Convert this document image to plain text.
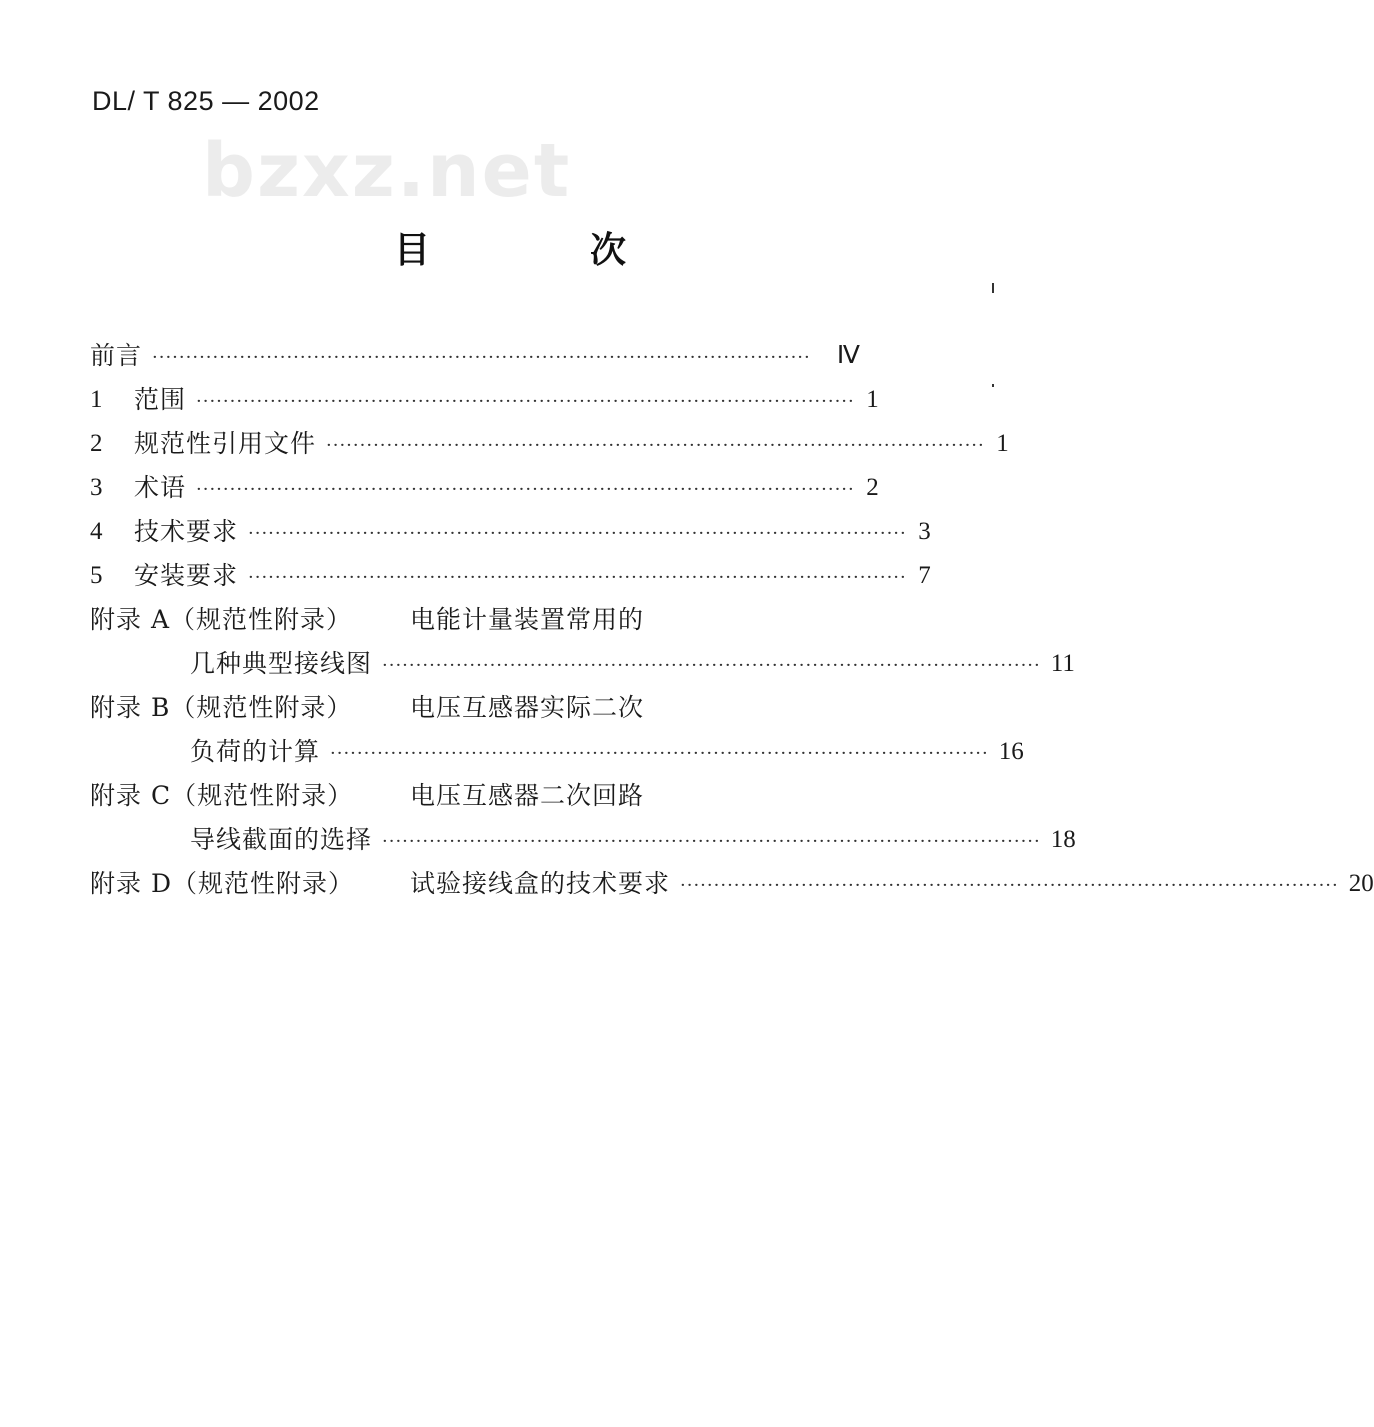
DL/ T 825 — 2002
bzxz.net
目　次
前言 ··································································································	Ⅳ
1	范围 ·································································································· 1
2	规范性引用文件 ·································································································· 1
3	术语 ·································································································· 2
4	技术要求 ·································································································· 3
5	安装要求 ·································································································· 7
附录 A（规范性附录） 电能计量装置常用的
几种典型接线图 ·································································································· 11
附录 B（规范性附录） 电压互感器实际二次
负荷的计算 ·································································································· 16
附录 C（规范性附录） 电压互感器二次回路
导线截面的选择 ·································································································· 18
附录 D（规范性附录）	试验接线盒的技术要求 ·································································································· 20
